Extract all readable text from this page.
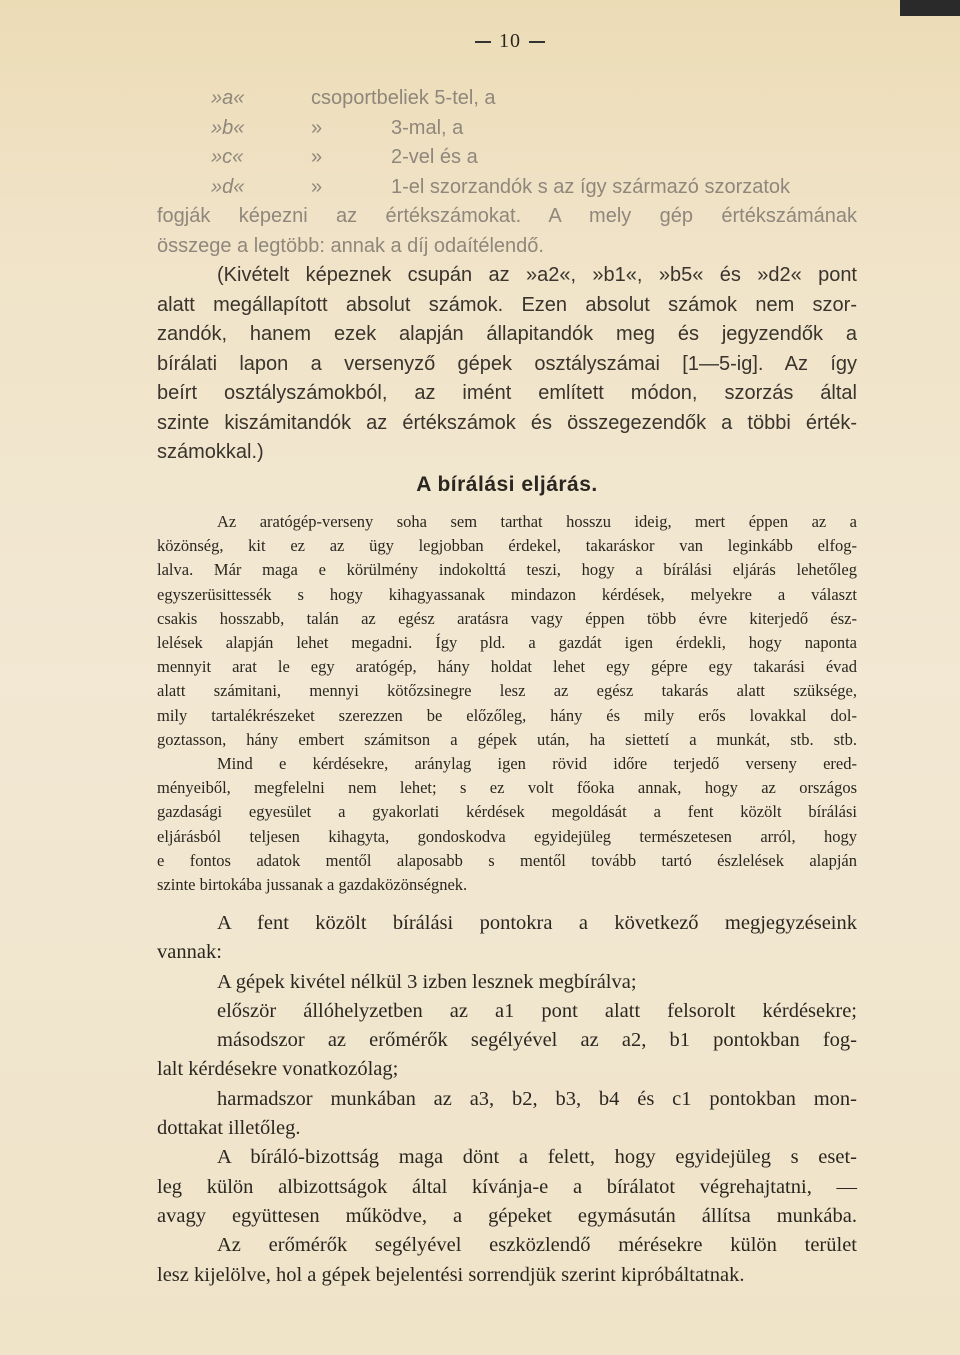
10
»a«	csoportbeliek 5-tel, a
»b«	»	3-mal, a
»c«	»	2-vel és a
»d«	»	1-el szorzandók s az így származó szorzatok
fogják képezni az értékszámokat. A mely gép értékszámának
összege a legtöbb: annak a díj odaítélendő.
(Kivételt képeznek csupán az »a2«, »b1«, »b5« és »d2« pont
alatt megállapított absolut számok. Ezen absolut számok nem szor-
zandók, hanem ezek alapján állapitandók meg és jegyzendők a
bírálati lapon a versenyző gépek osztályszámai [1—5-ig]. Az így
beírt osztályszámokból, az imént említett módon, szorzás által
szinte kiszámitandók az értékszámok és összegezendők a többi érték-
számokkal.)
A bírálási eljárás.
Az aratógép-verseny soha sem tarthat hosszu ideig, mert éppen az a
közönség, kit ez az ügy legjobban érdekel, takaráskor van leginkább elfog-
lalva. Már maga e körülmény indokolttá teszi, hogy a bírálási eljárás lehetőleg
egyszerüsittessék s hogy kihagyassanak mindazon kérdések, melyekre a választ
csakis hosszabb, talán az egész aratásra vagy éppen több évre kiterjedő ész-
lelések alapján lehet megadni. Így pld. a gazdát igen érdekli, hogy naponta
mennyit arat le egy aratógép, hány holdat lehet egy gépre egy takarási évad
alatt számitani, mennyi kötőzsinegre lesz az egész takarás alatt szüksége,
mily tartalékrészeket szerezzen be előzőleg, hány és mily erős lovakkal dol-
goztasson, hány embert számitson a gépek után, ha siettetí a munkát, stb. stb.
Mind e kérdésekre, aránylag igen rövid időre terjedő verseny ered-
ményeiből, megfelelni nem lehet; s ez volt főoka annak, hogy az országos
gazdasági egyesület a gyakorlati kérdések megoldását a fent közölt bírálási
eljárásból teljesen kihagyta, gondoskodva egyidejüleg természetesen arról, hogy
e fontos adatok mentől alaposabb s mentől tovább tartó észlelések alapján
szinte birtokába jussanak a gazdaközönségnek.
A fent közölt bírálási pontokra a következő megjegyzéseink
vannak:
A gépek kivétel nélkül 3 izben lesznek megbírálva;
először állóhelyzetben az a1 pont alatt felsorolt kérdésekre;
másodszor az erőmérők segélyével az a2, b1 pontokban fog-
lalt kérdésekre vonatkozólag;
harmadszor munkában az a3, b2, b3, b4 és c1 pontokban mon-
dottakat illetőleg.
A bíráló-bizottság maga dönt a felett, hogy egyidejüleg s eset-
leg külön albizottságok által kívánja-e a bírálatot végrehajtatni, —
avagy együttesen működve, a gépeket egymásután állítsa munkába.
Az erőmérők segélyével eszközlendő mérésekre külön terület
lesz kijelölve, hol a gépek bejelentési sorrendjük szerint kipróbáltatnak.
